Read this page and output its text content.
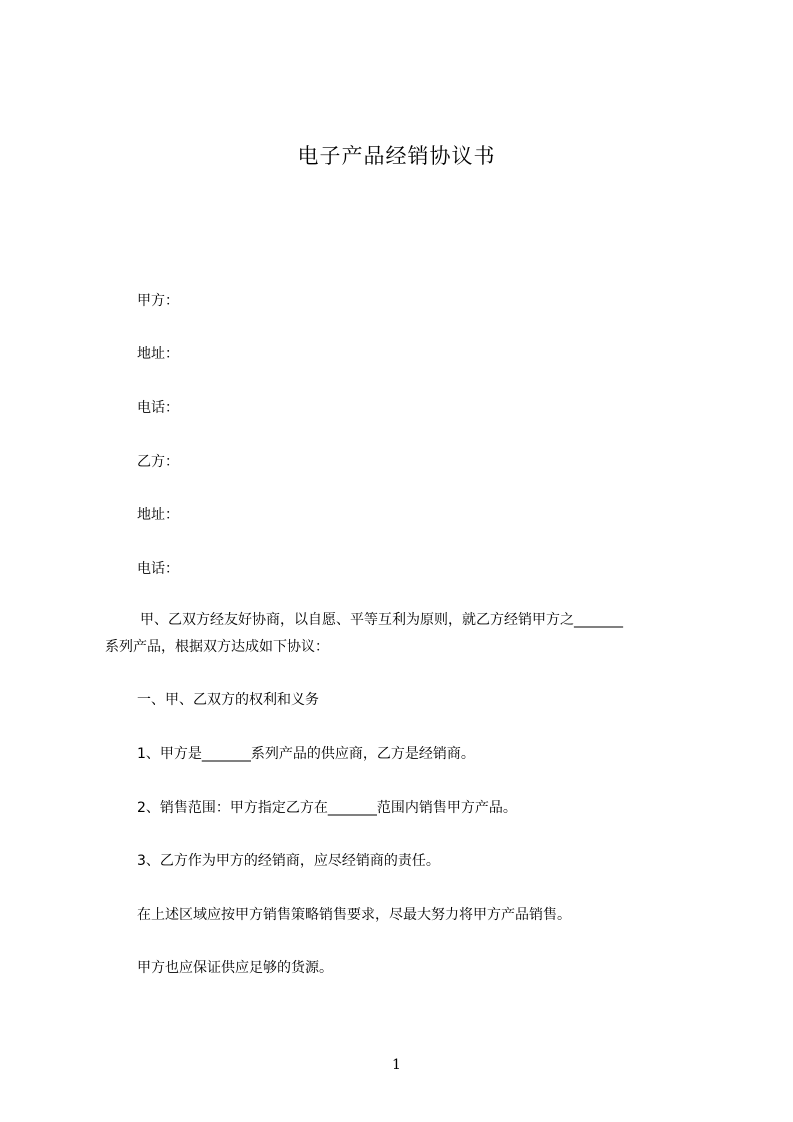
电子产品经销协议书
甲方：
地址：
电话：
乙方：
地址：
电话：
甲、乙双方经友好协商，以自愿、平等互利为原则，就乙方经销甲方之_______
系列产品，根据双方达成如下协议：
一、甲、乙双方的权利和义务
1、甲方是_______系列产品的供应商，乙方是经销商。
2、销售范围：甲方指定乙方在_______范围内销售甲方产品。
3、乙方作为甲方的经销商，应尽经销商的责任。
在上述区域应按甲方销售策略销售要求，尽最大努力将甲方产品销售。
甲方也应保证供应足够的货源。
1
